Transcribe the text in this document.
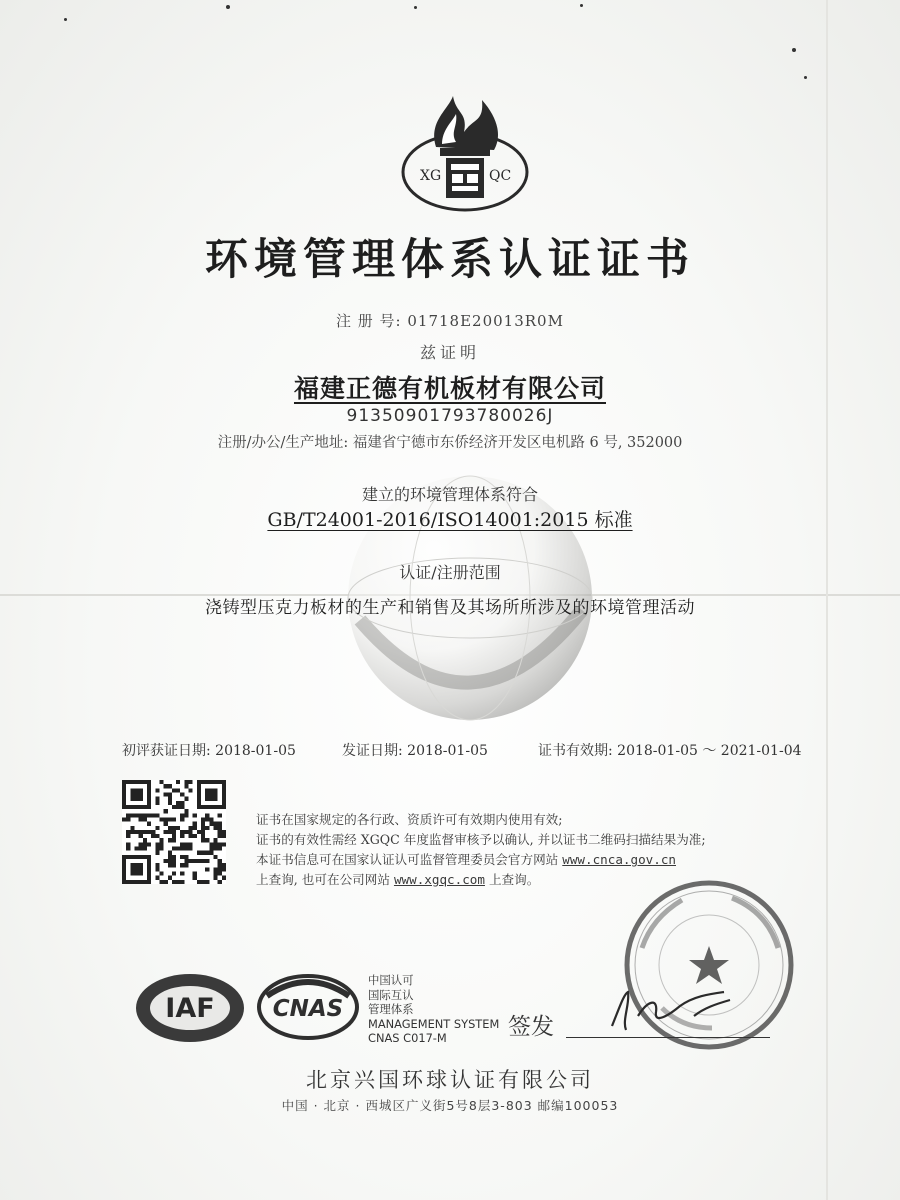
XG	QC
环境管理体系认证证书
注 册 号: 01718E20013R0M
兹证明
福建正德有机板材有限公司
91350901793780026J
注册/办公/生产地址: 福建省宁德市东侨经济开发区电机路 6 号, 352000
建立的环境管理体系符合
GB/T24001-2016/ISO14001:2015 标准
认证/注册范围
浇铸型压克力板材的生产和销售及其场所所涉及的环境管理活动
初评获证日期: 2018-01-05	发证日期: 2018-01-05	证书有效期: 2018-01-05 ～ 2021-01-04
证书在国家规定的各行政、资质许可有效期内使用有效;
证书的有效性需经 XGQC 年度监督审核予以确认, 并以证书二维码扫描结果为准;
本证书信息可在国家认证认可监督管理委员会官方网站 www.cnca.gov.cn
上查询, 也可在公司网站 www.xgqc.com 上查询。
IAF	CNAS
中国认可
国际互认
管理体系
MANAGEMENT SYSTEM
CNAS C017-M	签发
北京兴国环球认证有限公司
中国 · 北京 · 西城区广义街5号8层3-803 邮编100053
